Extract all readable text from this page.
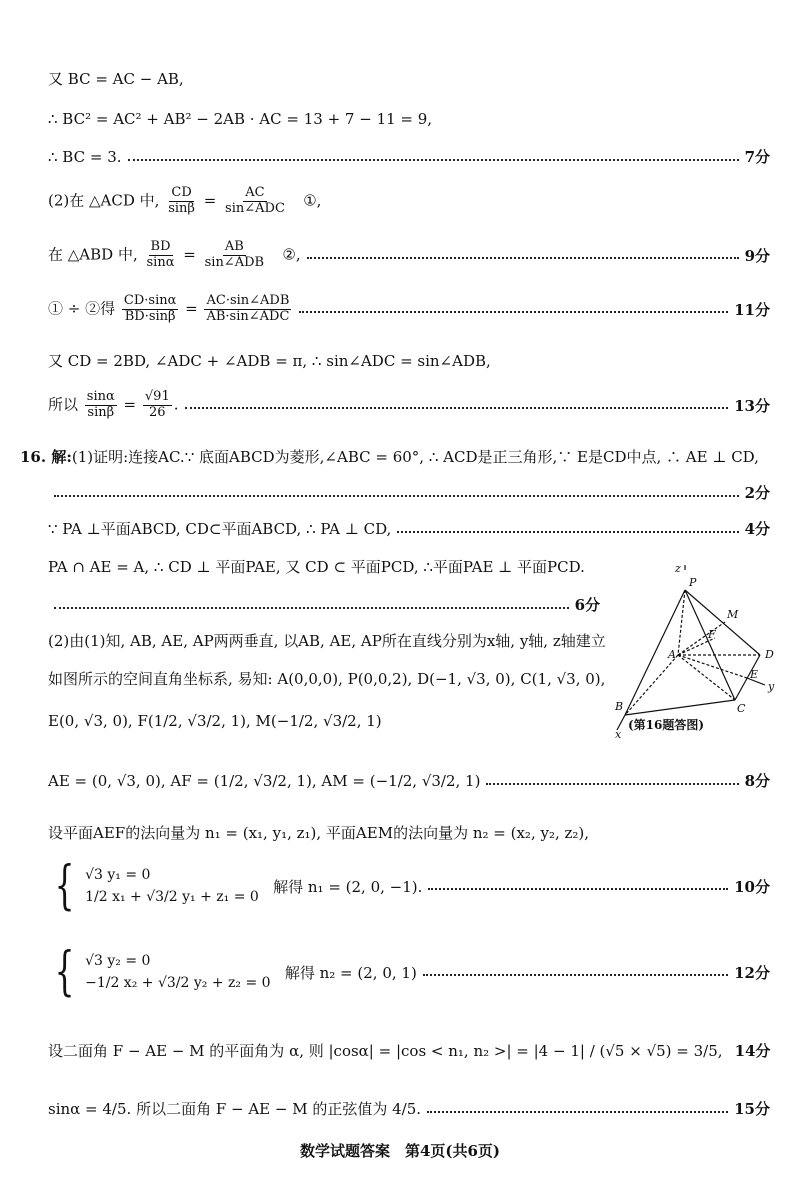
又 BC = AC − AB,
∴ BC² = AC² + AB² − 2AB · AC = 13 + 7 − 11 = 9,
∴ BC = 3.	7分
(2)在 △ACD 中, $\frac{CD}{\sin\beta} = \frac{AC}{\text{sin∠ADC}}$ ①,
在 △ABD 中, $\frac{BD}{\sin\alpha} = \frac{AB}{\text{sin∠ADB}}$ ②,	9分
① ÷ ②得 $\frac{CD\cdot\sin\alpha}{BD\cdot\sin\beta} = \frac{\text{AC·sin∠ADB}}{\text{AB·sin∠ADC}}$	11分
又 CD = 2BD, ∠ADC + ∠ADB = π, ∴ sin∠ADC = sin∠ADB,
所以 $\frac{\sin\alpha}{\sin\beta} = \frac{√91}{26}$ .	13分
16. 解:(1)证明:连接AC.∵ 底面ABCD为菱形,∠ABC = 60°, ∴ ACD是正三角形,∵ E是CD中点, ∴ AE ⊥ CD,
2分
∵ PA ⊥平面ABCD, CD⊂平面ABCD, ∴ PA ⊥ CD,	4分
PA ∩ AE = A, ∴ CD ⊥ 平面PAE, 又 CD ⊂ 平面PCD, ∴平面PAE ⊥ 平面PCD.
6分
(2)由(1)知, AB, AE, AP两两垂直, 以AB, AE, AP所在直线分别为x轴, y轴, z轴建立
如图所示的空间直角坐标系, 易知: A(0,0,0), P(0,0,2), D(−1, √3, 0), C(1, √3, 0),
E(0, √3, 0), F(1/2, √3/2, 1), M(−1/2, √3/2, 1)
P
M
F
A	D
E
B	C
x
y
z
(第16题答图)
AE = (0, √3, 0), AF = (1/2, √3/2, 1), AM = (−1/2, √3/2, 1)	8分
设平面AEF的法向量为 n₁ = (x₁, y₁, z₁), 平面AEM的法向量为 n₂ = (x₂, y₂, z₂),
{ √3 y₁ = 0
1/2 x₁ + √3/2 y₁ + z₁ = 0

解得 n₁ = (2, 0, −1).	10分
{ √3 y₂ = 0
−1/2 x₂ + √3/2 y₂ + z₂ = 0

解得 n₂ = (2, 0, 1)	12分
设二面角 F − AE − M 的平面角为 α, 则 |cosα| = |cos < n₁, n₂ >| = |4 − 1| / (√5 × √5) = 3/5, 14分
sinα = 4/5. 所以二面角 F − AE − M 的正弦值为 4/5.	15分
数学试题答案　第4页(共6页)
